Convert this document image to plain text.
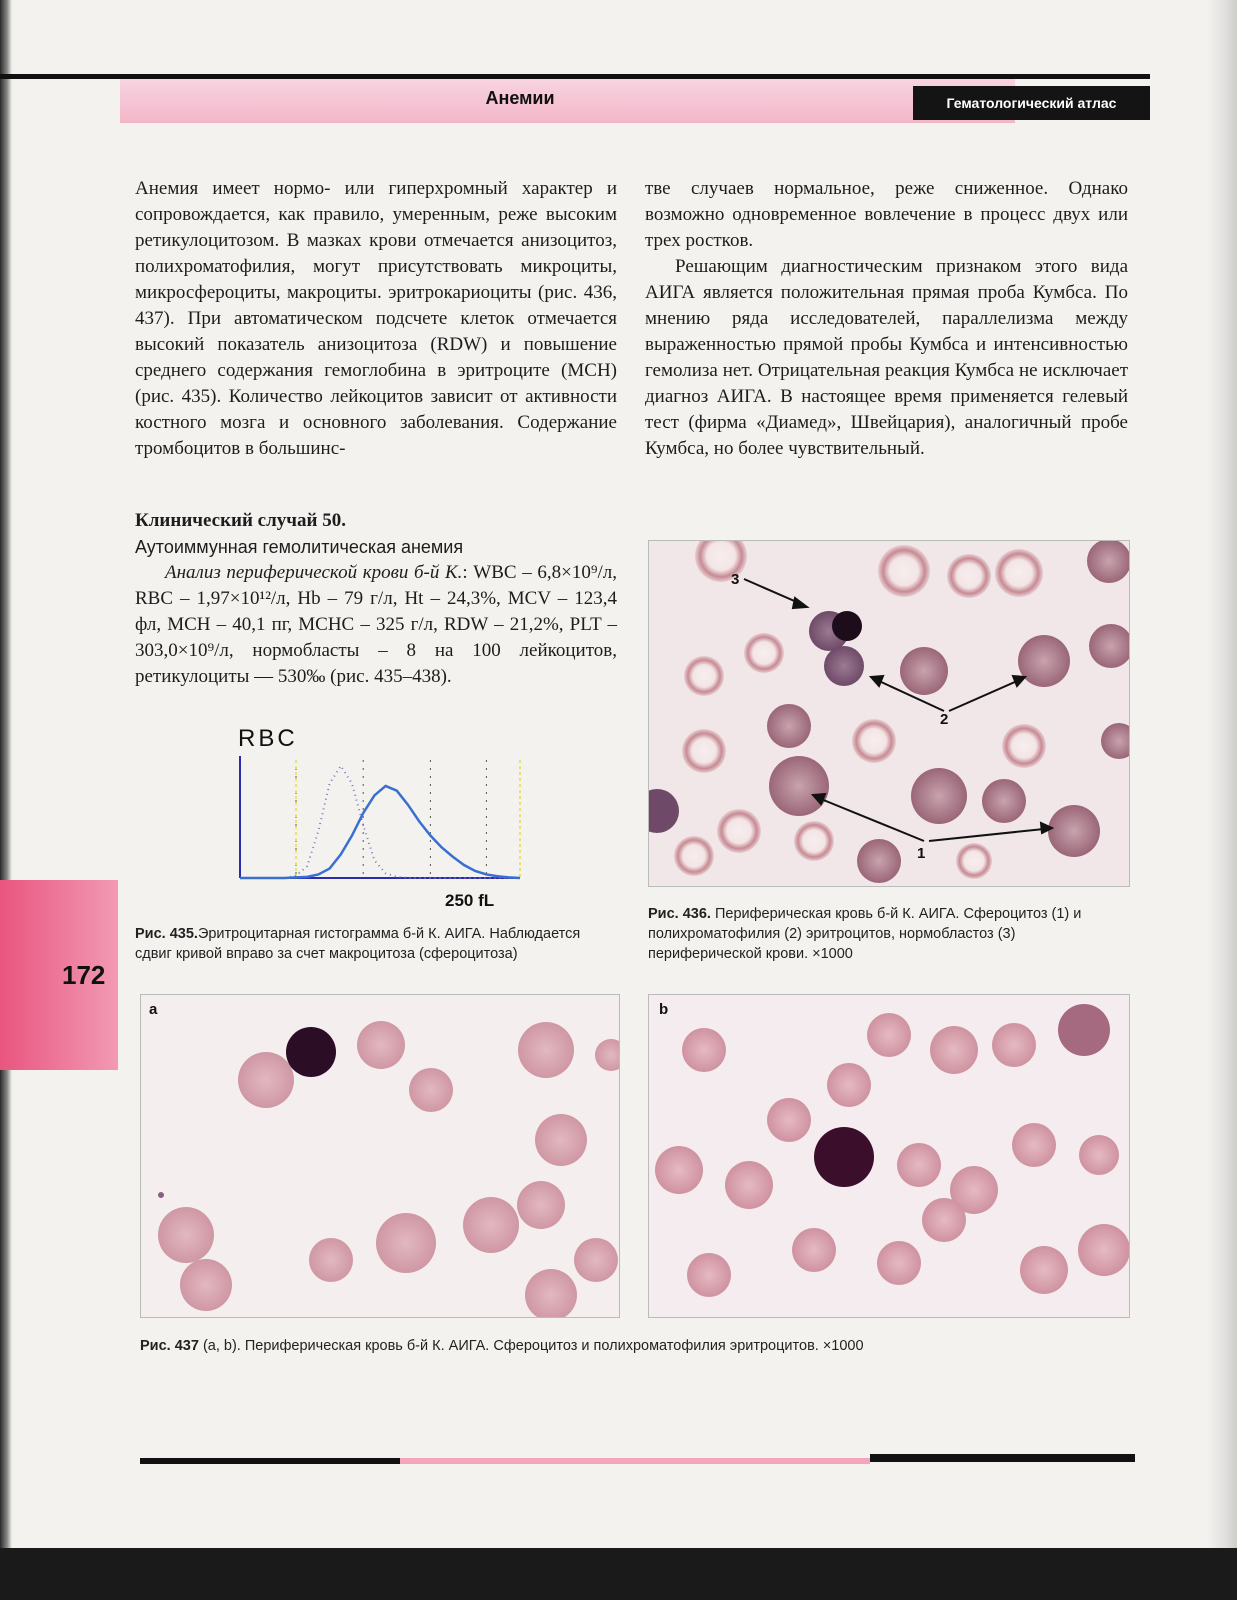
Анемии	Гематологический атлас

Анемия имеет нормо- или гиперхромный характер и сопровождается, как правило, умеренным, реже высоким ретикулоцитозом. В мазках крови отмечается анизоцитоз, полихроматофилия, могут присутствовать микроциты, микросфероциты, макроциты. эритрокариоциты (рис. 436, 437). При автоматическом подсчете клеток отмечается высокий показатель анизоцитоза (RDW) и повышение среднего содержания гемоглобина в эритроците (МСН) (рис. 435). Количество лейкоцитов зависит от активности костного мозга и основного заболевания. Содержание тромбоцитов в большинс-

Клинический случай 50.

Аутоиммунная гемолитическая анемия

Анализ периферической крови б-й К.: WBC – 6,8×10⁹/л, RBC – 1,97×10¹²/л, Hb – 79 г/л, Ht – 24,3%, MCV – 123,4 фл, MCH – 40,1 пг, MCHC – 325 г/л, RDW – 21,2%, PLT – 303,0×10⁹/л, нормобласты – 8 на 100 лейкоцитов, ретикулоциты — 530‰ (рис. 435–438).

тве случаев нормальное, реже сниженное. Однако возможно одновременное вовлечение в процесс двух или трех ростков.

Решающим диагностическим признаком этого вида АИГА является положительная прямая проба Кумбса. По мнению ряда исследователей, параллелизма между выраженностью прямой пробы Кумбса и интенсивностью гемолиза нет. Отрицательная реакция Кумбса не исключает диагноз АИГА. В настоящее время применяется гелевый тест (фирма «Диамед», Швейцария), аналогичный пробе Кумбса, но более чувствительный.

RBC
250 fL
Рис. 435.Эритроцитарная гистограмма б-й К. АИГА. Наблюдается сдвиг кривой вправо за счет макроцитоза (сфероцитоза)
172
3
2
1
Рис. 436. Периферическая кровь б-й К. АИГА. Сфероцитоз (1) и полихроматофилия (2) эритроцитов, нормобластоз (3) периферической крови. ×1000
a	b
Рис. 437 (a, b). Периферическая кровь б-й К. АИГА. Сфероцитоз и полихроматофилия эритроцитов. ×1000
